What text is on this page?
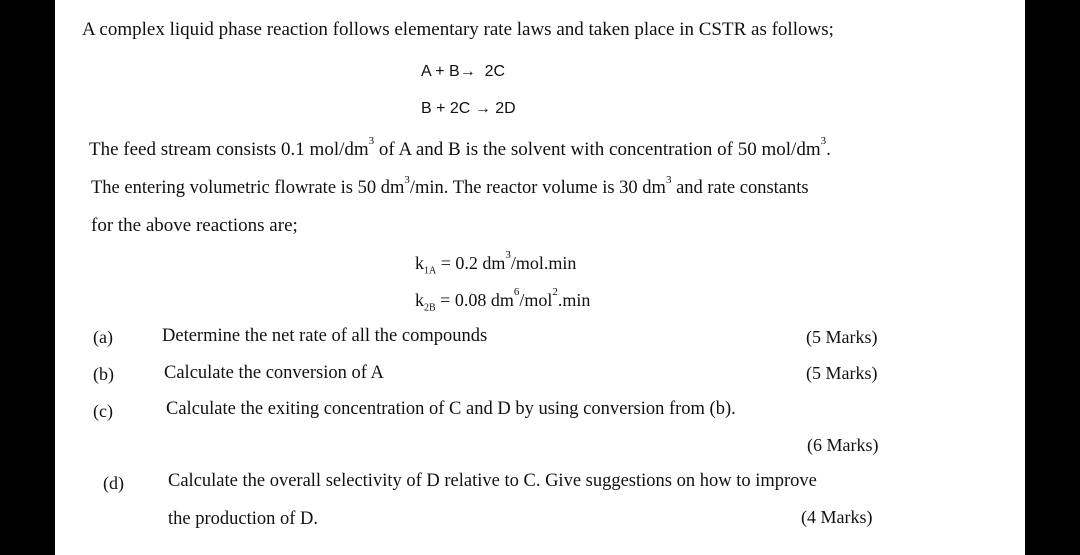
A complex liquid phase reaction follows elementary rate laws and taken place in CSTR as follows;
A + B→ 2C
B + 2C → 2D
The feed stream consists 0.1 mol/$dm^3$ of A and B is the solvent with concentration of 50 mol/$dm^3$.
The entering volumetric flowrate is 50 $dm^3/\min$. The reactor volume is 30 $dm^3$ and rate constants
for the above reactions are;
$k_{1A} = 0.2$ $dm^3/mol.\min$
$k_{2B} = 0.08$ $dm^6/mol^2.\min$
(a)	Determine the net rate of all the compounds	(5 Marks)
(b)	Calculate the conversion of A	(5 Marks)
(c)	Calculate the exiting concentration of C and D by using conversion from (b).
(6 Marks)
(d) Calculate the overall selectivity of D relative to C. Give suggestions on how to improve
the production of D.	(4 Marks)
